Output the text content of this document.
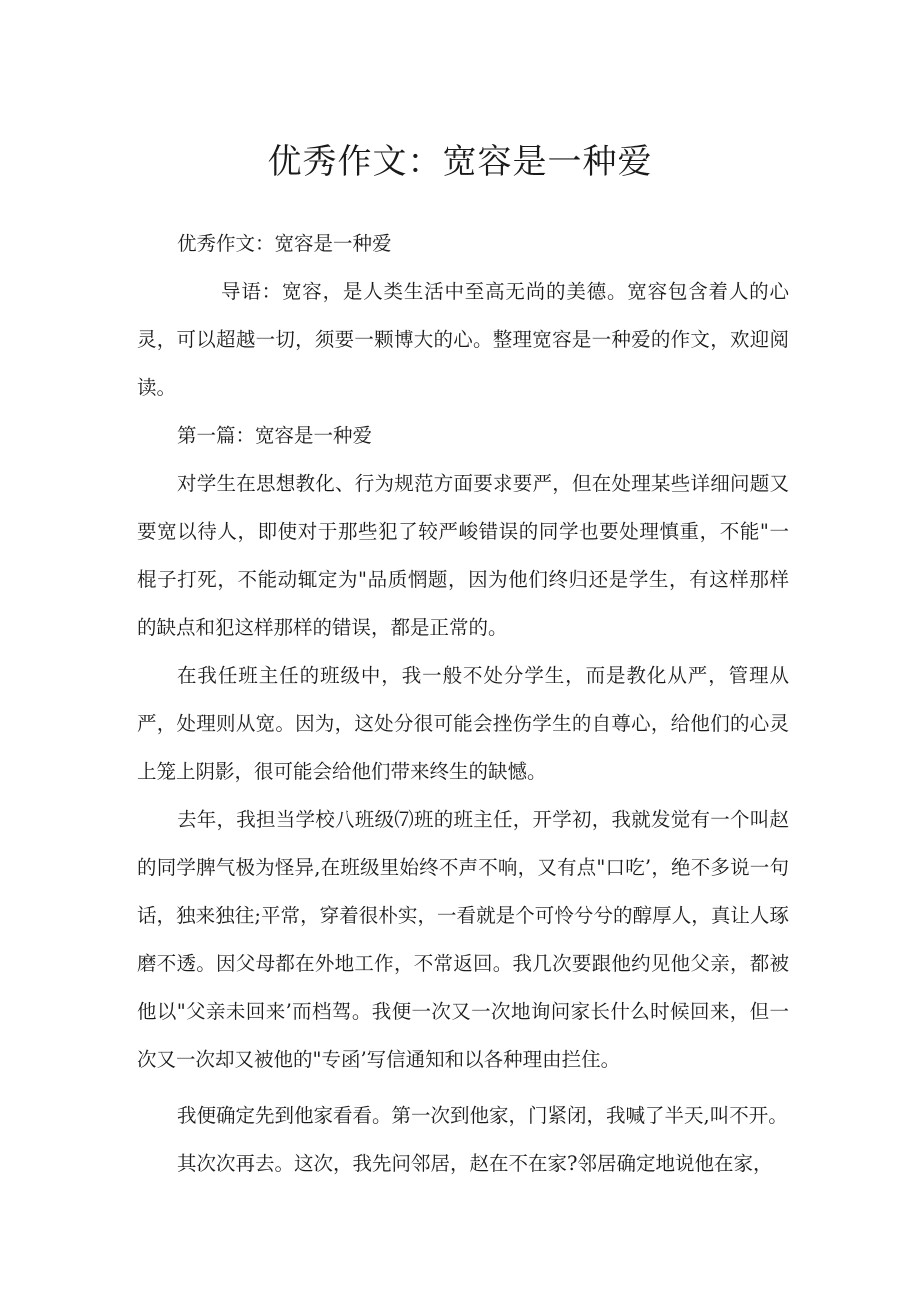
优秀作文：宽容是一种爱

优秀作文：宽容是一种爱

导语：宽容，是人类生活中至高无尚的美德。宽容包含着人的心灵，可以超越一切，须要一颗博大的心。整理宽容是一种爱的作文，欢迎阅读。

第一篇：宽容是一种爱

对学生在思想教化、行为规范方面要求要严，但在处理某些详细问题又要宽以待人，即使对于那些犯了较严峻错误的同学也要处理慎重，不能"一棍子打死，不能动辄定为"品质惘题，因为他们终归还是学生，有这样那样的缺点和犯这样那样的错误，都是正常的。

在我任班主任的班级中，我一般不处分学生，而是教化从严，管理从严，处理则从宽。因为，这处分很可能会挫伤学生的自尊心，给他们的心灵上笼上阴影，很可能会给他们带来终生的缺憾。

去年，我担当学校八班级⑺班的班主任，开学初，我就发觉有一个叫赵的同学脾气极为怪异,在班级里始终不声不响，又有点"口吃’，绝不多说一句话，独来独往;平常，穿着很朴实，一看就是个可怜兮兮的醇厚人，真让人琢磨不透。因父母都在外地工作，不常返回。我几次要跟他约见他父亲，都被他以"父亲未回来’而档驾。我便一次又一次地询问家长什么时候回来，但一次又一次却又被他的"专函’写信通知和以各种理由拦住。

我便确定先到他家看看。第一次到他家，门紧闭，我喊了半天,叫不开。

其次次再去。这次，我先问邻居，赵在不在家?邻居确定地说他在家，
